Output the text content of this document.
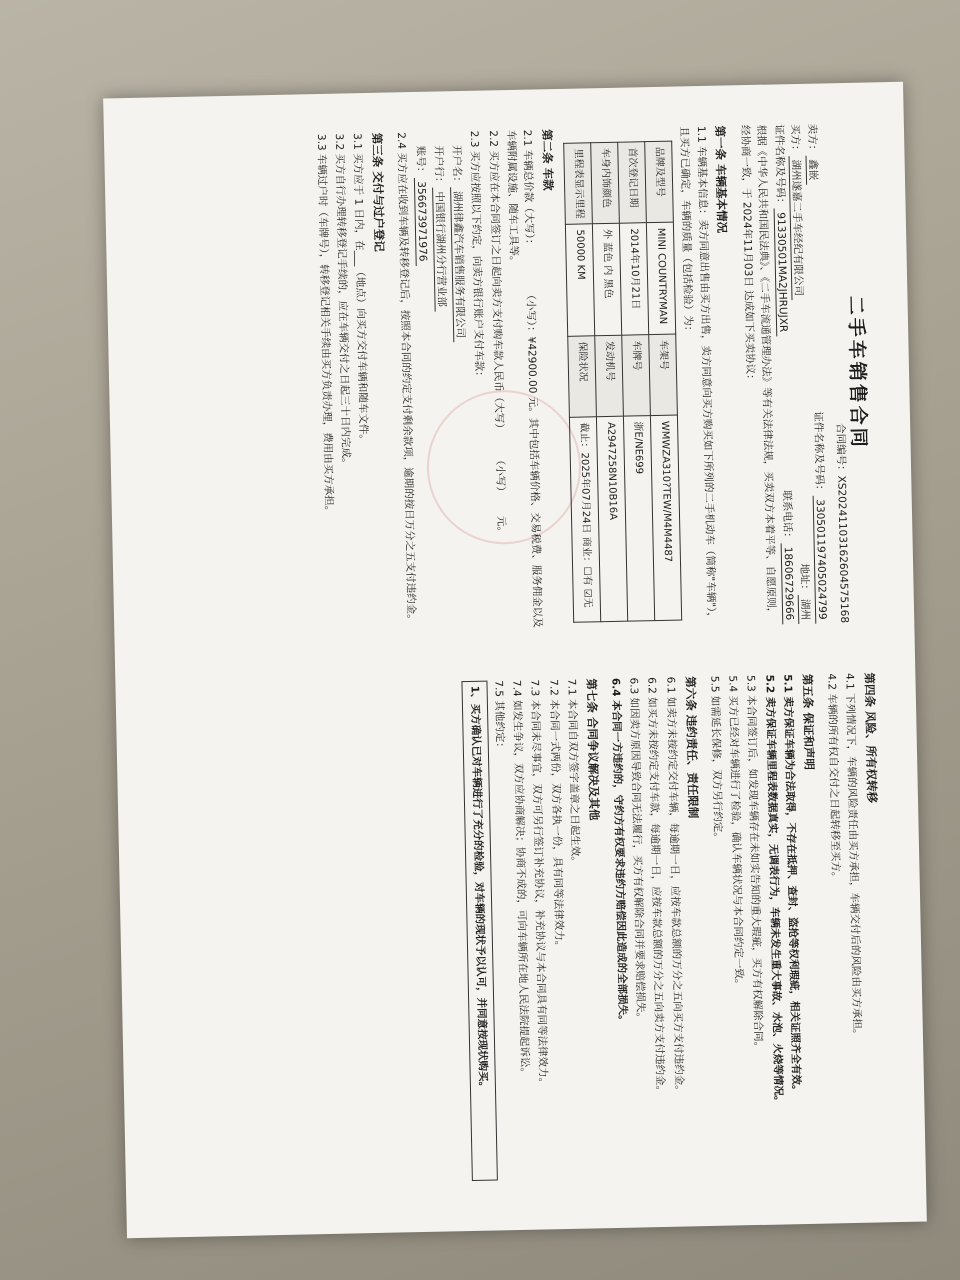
二手车销售合同
合同编号：XS20241103162604575168
卖方：鑫嵌
证件名称及号码：330501197405024799
买方：湖州遂嘉二手车经纪有限公司
地址：湖州
证件名称及号码：91330501MA2JHRUJXR
联系电话：18606729666

根据《中华人民共和国民法典》、《二手车流通管理办法》等有关法律法规，买卖双方本着平等、自愿原则，经协商一致，于 2024年11月03日 达成如下买卖协议：

第一条 车辆基本情况

1.1 车辆基本信息：卖方同意出售由买方出售，卖方同意向买方购买如下所列的二手机动车（简称"车辆"），且买方已确定，车辆的质量（包括检验）为：

品牌及型号	MINI COUNTRYMAN	车架号	WMWZA310?TEW/M4M4487
首次登记日期	2014年10月21日	车牌号	浙E/NE699
车身内饰颜色	外 蓝色 内 黑色	发动机号	A2947258N10B16A
里程表显示里程	50000 KM	保险状况	截止：2025年07月24日 商业：☐有 ☑无
第二条 车款

2.1 车辆总价款（大写）：　　　　 （小写）：¥42900.00 元。其中包括车辆价格、交易税费、服务佣金以及车辆附属设施、随车工具等。

2.2 买方应在本合同签订之日起向卖方支付购车款人民币（大写）　　　（小写）　　 元。

2.3 买方应按照以下约定，向卖方银行账户支付车款：

开户名：湖州律鑫汽车销售服务有限公司

开户行：中国银行湖州分行营业部

账号：356673971976

2.4 买方应在收到车辆及转移登记后，按照本合同的约定支付剩余款项，逾期的按日万分之五支付违约金。

第三条 交付与过户登记

3.1 买方应于 1 日内，在___（地点）向买方交付车辆和随车文件。

3.2 买方自行办理转移登记手续的，应在车辆交付之日起三十日内完成。

3.3 车辆过户时（车牌号），转移登记相关手续由买方负责办理，费用由买方承担。

第四条 风险、所有权转移

4.1 下列情况下，车辆的风险责任由买方承担，车辆交付后的风险由买方承担。

4.2 车辆的所有权自交付之日起转移至买方。

第五条 保证和声明

5.1 卖方保证车辆为合法取得，不存在抵押、查封、盗抢等权利瑕疵，相关证照齐全有效。

5.2 卖方保证车辆里程表数据真实，无调表行为，车辆未发生重大事故、水泡、火烧等情况。

5.3 本合同签订后，如发现车辆存在未如实告知的重大瑕疵，买方有权解除合同。

5.4 买方已经对车辆进行了检验，确认车辆状况与本合同约定一致。

5.5 如需延长保修，双方另行约定。

第六条 违约责任、责任限制

6.1 如卖方未按约定交付车辆，每逾期一日，应按车款总额的万分之五向买方支付违约金。

6.2 如买方未按约定支付车款，每逾期一日，应按车款总额的万分之五向卖方支付违约金。

6.3 如因卖方原因导致合同无法履行，买方有权解除合同并要求赔偿损失。

6.4 本合同一方违约的，守约方有权要求违约方赔偿因此造成的全部损失。

第七条 合同争议解决及其他

7.1 本合同自双方签字盖章之日起生效。

7.2 本合同一式两份，双方各执一份，具有同等法律效力。

7.3 本合同未尽事宜，双方可另行签订补充协议，补充协议与本合同具有同等法律效力。

7.4 如发生争议，双方应协商解决；协商不成的，可向车辆所在地人民法院提起诉讼。

7.5 其他约定：

1、买方确认已对车辆进行了充分的检验，对车辆的现状予以认可，并同意按现状购买。
